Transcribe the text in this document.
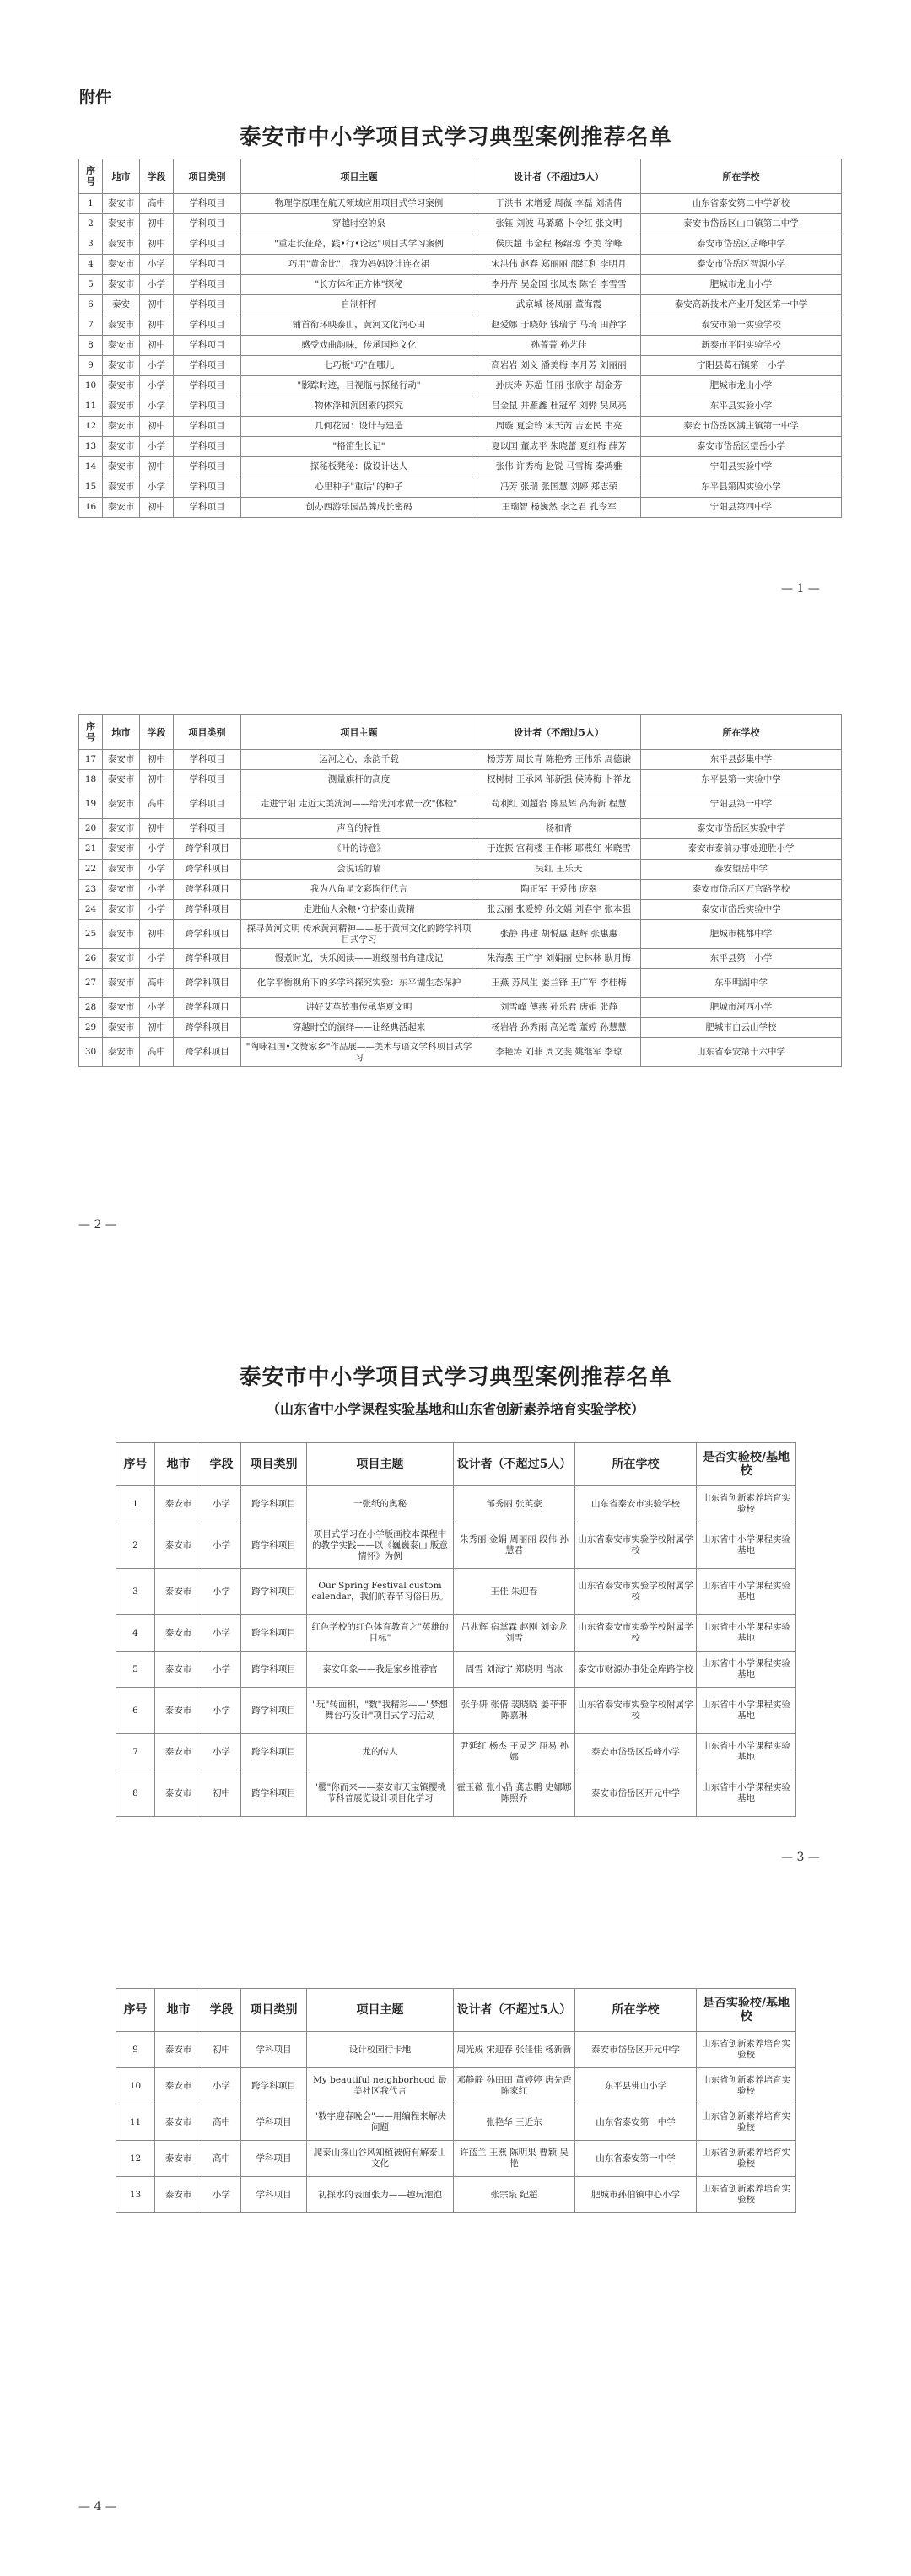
附件
泰安市中小学项目式学习典型案例推荐名单
序号	地市	学段	项目类别	项目主题	设计者（不超过5人）	所在学校
1	泰安市	高中	学科项目	物理学原理在航天领域应用项目式学习案例	于洪书 宋增爱 周薇 李磊 刘清倩	山东省泰安第二中学新校
2	泰安市	初中	学科项目	穿越时空的泉	张钰 刘波 马璐璐 卜令红 张文明	泰安市岱岳区山口镇第二中学
3	泰安市	初中	学科项目	"重走长征路，践•行•论运"项目式学习案例	侯庆超 韦金程 杨绍琼 李美 徐峰	泰安市岱岳区岳峰中学
4	泰安市	小学	学科项目	巧用"黄金比"，我为妈妈设计连衣裙	宋洪伟 赵春 郑丽丽 邵红利 李明月	泰安市岱岳区智源小学
5	泰安市	小学	学科项目	"长方体和正方体"探秘	李丹芹 吴金国 张凤杰 陈怡 李雪雪	肥城市龙山小学
6	泰安	初中	学科项目	自制杆秤	武京城 杨凤丽 董海霞	泰安高新技术产业开发区第一中学
7	泰安市	初中	学科项目	铺首衔环映泰山，黄河文化润心田	赵爱娜 于晓妤 钱瑞宁 马琦 田静宇	泰安市第一实验学校
8	泰安市	初中	学科项目	感受戏曲韵味，传承国粹文化	孙菁菁 孙艺佳	新泰市平阳实验学校
9	泰安市	小学	学科项目	七巧板"巧"在哪儿	高岩岩 刘义 潘美梅 李月芳 刘丽丽	宁阳县葛石镇第一小学
10	泰安市	小学	学科项目	"影踪时迹，目视瓶与探秘行动"	孙庆涛 苏超 任丽 张欣宇 胡金芳	肥城市龙山小学
11	泰安市	小学	学科项目	物体浮和沉因素的探究	吕金鼠 井雁鑫 杜冠军 刘骅 吴凤亮	东平县实验小学
12	泰安市	初中	学科项目	几何花园：设计与建造	周璇 夏会玲 宋天芮 吉宏民 韦亮	泰安市岱岳区满庄镇第一中学
13	泰安市	小学	学科项目	"格笛生长记"	夏以国 董成平 朱晓蕾 夏红梅 薛芳	泰安市岱岳区望岳小学
14	泰安市	初中	学科项目	探秘板凳秘：做设计达人	张伟 许秀梅 赵锐 马雪梅 秦鸿雅	宁阳县实验中学
15	泰安市	小学	学科项目	心里种子"重话"的种子	冯芳 张瑞 张国慧 刘婷 郑志荣	东平县第四实验小学
16	泰安市	初中	学科项目	创办西游乐园品牌成长密码	王瑞智 杨巍然 李之君 孔令军	宁阳县第四中学
— 1 —
序号	地市	学段	项目类别	项目主题	设计者（不超过5人）	所在学校
17	泰安市	初中	学科项目	运河之心，余韵千载	杨芳芳 周长青 陈艳秀 王伟乐 周德谦	东平县彭集中学
18	泰安市	初中	学科项目	测量旗杆的高度	权树树 王承风 邹新强 侯涛梅 卜祥龙	东平县第一实验中学
19	泰安市	高中	学科项目	走进宁阳 走近大美洸河——给洸河水做一次"体检"	苟利红 刘超岩 陈星辉 高海新 程慧	宁阳县第一中学
20	泰安市	初中	学科项目	声音的特性	杨和青	泰安市岱岳区实验中学
21	泰安市	小学	跨学科项目	《叶的诗意》	于连振 宫莉楼 王作彬 耶燕红 米晓雪	泰安市泰前办事处迎胜小学
22	泰安市	小学	跨学科项目	会说话的墙	吴红 王乐天	泰安望岳中学
23	泰安市	小学	跨学科项目	我为八角星文彩陶征代言	陶正军 王爱伟 庞翠	泰安市岱岳区万官路学校
24	泰安市	小学	跨学科项目	走进仙人余粮•守护泰山黄精	张云丽 张爱婷 孙文娟 刘春宇 张本强	泰安市岱岳实验中学
25	泰安市	初中	跨学科项目	探寻黄河文明 传承黄河精神——基于黄河文化的跨学科项目式学习	张静 冉建 胡悦惠 赵辉 张惠惠	肥城市桃都中学
26	泰安市	小学	跨学科项目	慢煮时光，快乐阅读——班级图书角建成记	朱海燕 王广宇 刘娟丽 史林林 耿月梅	东平县第一小学
27	泰安市	高中	跨学科项目	化学平衡视角下的多学科探究实验：东平湖生态保护	王燕 苏凤生 姜兰锋 王广军 李桂梅	东平明湖中学
28	泰安市	小学	跨学科项目	讲好艾草故事传承华夏文明	刘雪峰 傅燕 孙乐君 唐娟 张静	肥城市河西小学
29	泰安市	初中	跨学科项目	穿越时空的演绎——让经典活起来	杨岩岩 孙秀雨 高光霞 董婷 孙慧慧	肥城市白云山学校
30	泰安市	高中	跨学科项目	"陶咏祖国•文赞家乡"作品展——美术与语文学科项目式学习	李艳涛 刘菲 周文斐 姚继军 李琼	山东省泰安第十六中学
— 2 —
泰安市中小学项目式学习典型案例推荐名单
（山东省中小学课程实验基地和山东省创新素养培育实验学校）
序号	地市	学段	项目类别	项目主题	设计者（不超过5人）	所在学校	是否实验校/基地校
1	泰安市	小学	跨学科项目	一张纸的奥秘	邹秀丽 张英豪	山东省泰安市实验学校	山东省创新素养培育实验校
2	泰安市	小学	跨学科项目	项目式学习在小学版画校本课程中的教学实践——以《巍巍泰山 版意情怀》为例	朱秀丽 金娟 周丽丽 段伟 孙慧君	山东省泰安市实验学校附属学校	山东省中小学课程实验基地
3	泰安市	小学	跨学科项目	Our Spring Festival custom calendar，我们的春节习俗日历。	王佳 朱迎春	山东省泰安市实验学校附属学校	山东省中小学课程实验基地
4	泰安市	小学	跨学科项目	红色学校的红色体育教育之"英雄的目标"	吕兆辉 宿掌霖 赵刚 刘金龙 刘雪	山东省泰安市实验学校附属学校	山东省中小学课程实验基地
5	泰安市	小学	跨学科项目	泰安印象——我是家乡推荐官	周雪 刘海宁 郑晓明 肖冰	泰安市财源办事处金库路学校	山东省中小学课程实验基地
6	泰安市	小学	跨学科项目	"玩"转面积，"数"我精彩——"梦想舞台巧设计"项目式学习活动	张争妍 张倩 裴晓晓 姜菲菲 陈嘉琳	山东省泰安市实验学校附属学校	山东省中小学课程实验基地
7	泰安市	小学	跨学科项目	龙的传人	尹延红 杨杰 王灵芝 屈易 孙娜	泰安市岱岳区岳峰小学	山东省中小学课程实验基地
8	泰安市	初中	跨学科项目	"樱"你而来——泰安市天宝镇樱桃节科普展览设计项目化学习	霍玉薇 张小晶 龚志鹏 史娜娜 陈照乔	泰安市岱岳区开元中学	山东省中小学课程实验基地
— 3 —
序号	地市	学段	项目类别	项目主题	设计者（不超过5人）	所在学校	是否实验校/基地校
9	泰安市	初中	学科项目	设计校园行卡地	周光成 宋迎春 张佳佳 杨新新	泰安市岱岳区开元中学	山东省创新素养培育实验校
10	泰安市	小学	跨学科项目	My beautiful neighborhood 最美社区我代言	邓静静 孙田田 董婷婷 唐先香 陈家红	东平县佛山小学	山东省创新素养培育实验校
11	泰安市	高中	学科项目	"数字迎春晚会"——用编程来解决问题	张艳华 王近东	山东省泰安第一中学	山东省创新素养培育实验校
12	泰安市	高中	学科项目	爬泰山探山谷风知植被俯有解泰山文化	许蓝兰 王燕 陈明果 曹颖 吴艳	山东省泰安第一中学	山东省创新素养培育实验校
13	泰安市	小学	学科项目	初探水的表面张力——趣玩泡泡	张宗泉 纪超	肥城市孙伯镇中心小学	山东省创新素养培育实验校
— 4 —
